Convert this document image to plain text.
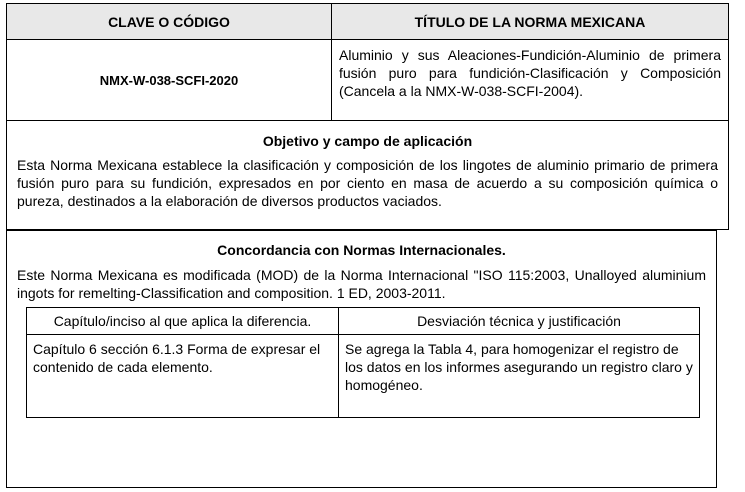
CLAVE O CÓDIGO	TÍTULO DE LA NORMA MEXICANA
NMX-W-038-SCFI-2020
Aluminio y sus Aleaciones-Fundición-Aluminio de primera fusión puro para fundición-Clasificación y Composición (Cancela a la NMX-W-038-SCFI-2004).
Objetivo y campo de aplicación
Esta Norma Mexicana establece la clasificación y composición de los lingotes de aluminio primario de primera fusión puro para su fundición, expresados en por ciento en masa de acuerdo a su composición química o pureza, destinados a la elaboración de diversos productos vaciados.
Concordancia con Normas Internacionales.
Este Norma Mexicana es modificada (MOD) de la Norma Internacional "ISO 115:2003, Unalloyed aluminium ingots for remelting-Classification and composition. 1 ED, 2003-2011.
Capítulo/inciso al que aplica la diferencia.	Desviación técnica y justificación
Capítulo 6 sección 6.1.3 Forma de expresar el contenido de cada elemento.
Se agrega la Tabla 4, para homogenizar el registro de los datos en los informes asegurando un registro claro y homogéneo.
